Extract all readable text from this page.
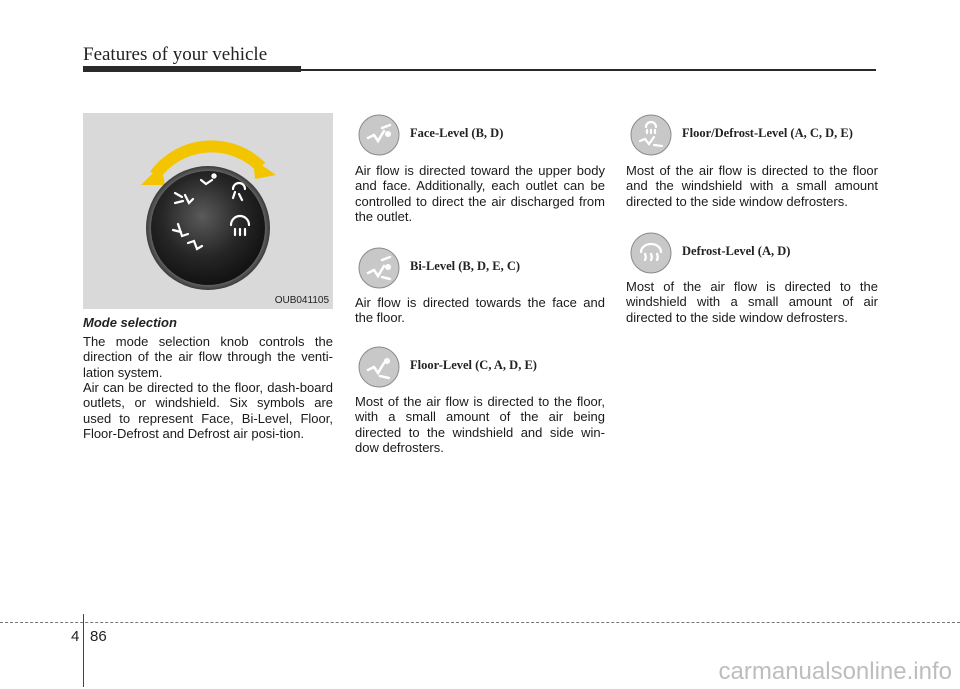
Features of your vehicle
OUB041105
Mode selection

The mode selection knob controls the direction of the air flow through the venti-lation system.

Air can be directed to the floor, dash-board outlets, or windshield. Six symbols are used to represent Face, Bi-Level, Floor, Floor-Defrost and Defrost air posi-tion.

Face-Level (B, D)

Air flow is directed toward the upper body and face. Additionally, each outlet can be controlled to direct the air discharged from the outlet.

Bi-Level (B, D, E, C)

Air flow is directed towards the face and the floor.

Floor-Level (C, A, D, E)

Most of the air flow is directed to the floor, with a small amount of the air being directed to the windshield and side win-dow defrosters.

Floor/Defrost-Level (A, C, D, E)

Most of the air flow is directed to the floor and the windshield with a small amount directed to the side window defrosters.

Defrost-Level (A, D)

Most of the air flow is directed to the windshield with a small amount of air directed to the side window defrosters.

4 86
carmanualsonline.info
